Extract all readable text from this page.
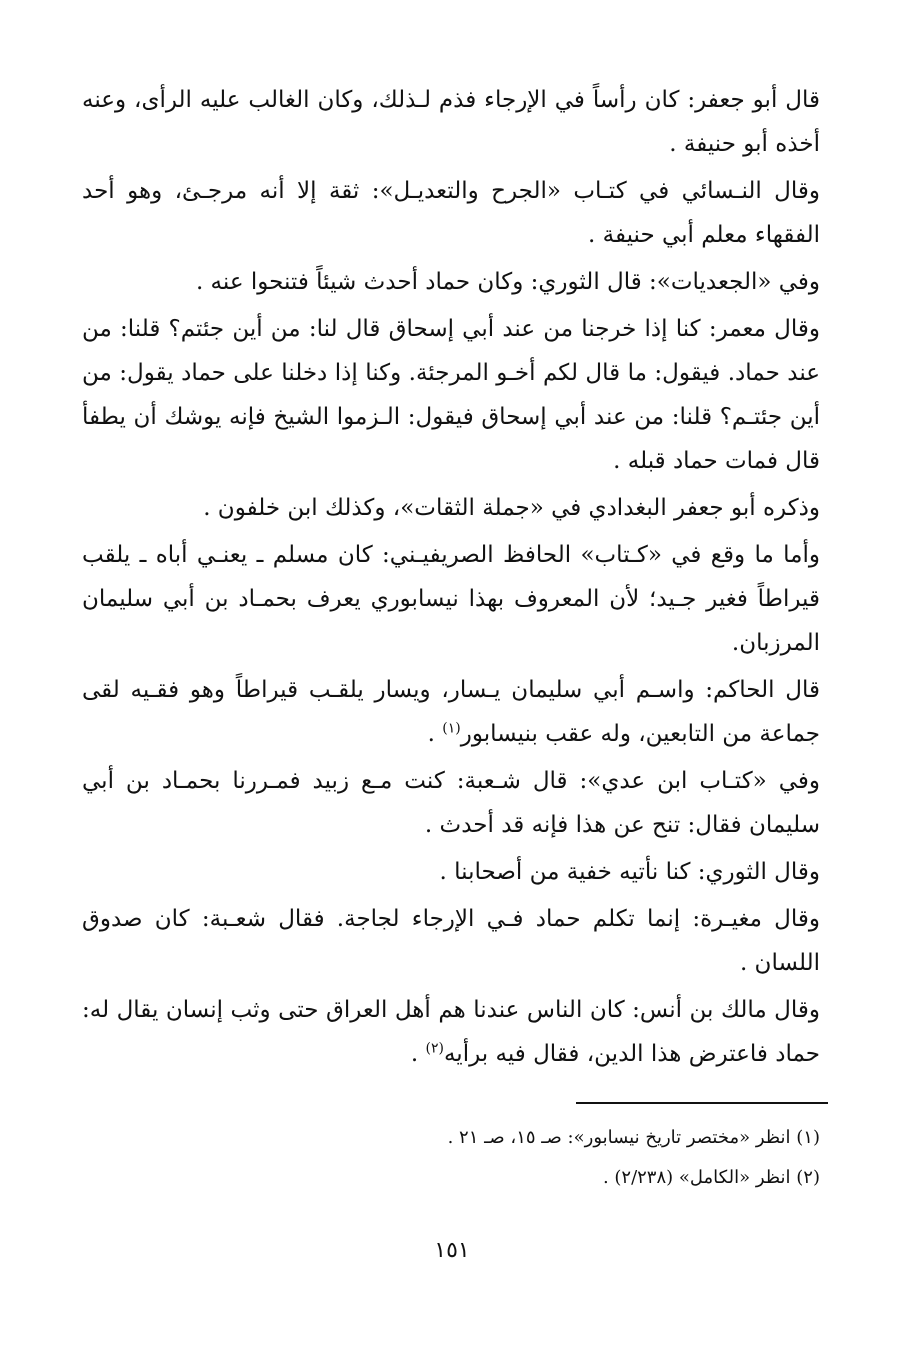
قال أبو جعفر: كان رأساً في الإرجاء فذم لـذلك، وكان الغالب عليه الرأى، وعنه أخذه أبو حنيفة .

وقال النـسائي في كتـاب «الجرح والتعديـل»: ثقة إلا أنه مرجـئ، وهو أحد الفقهاء معلم أبي حنيفة .

وفي «الجعديات»: قال الثوري: وكان حماد أحدث شيئاً فتنحوا عنه .

وقال معمر: كنا إذا خرجنا من عند أبي إسحاق قال لنا: من أين جئتم؟ قلنا: من عند حماد. فيقول: ما قال لكم أخـو المرجئة. وكنا إذا دخلنا على حماد يقول: من أين جئتـم؟ قلنا: من عند أبي إسحاق فيقول: الـزموا الشيخ فإنه يوشك أن يطفأ قال فمات حماد قبله .

وذكره أبو جعفر البغدادي في «جملة الثقات»، وكذلك ابن خلفون .

وأما ما وقع في «كـتاب» الحافظ الصريفيـني: كان مسلم ـ يعنـي أباه ـ يلقب قيراطاً فغير جـيد؛ لأن المعروف بهذا نيسابوري يعرف بحمـاد بن أبي سليمان المرزبان.

قال الحاكم: واسـم أبي سليمان يـسار، ويسار يلقـب قيراطاً وهو فقـيه لقى جماعة من التابعين، وله عقب بنيسابور$^{(١)}$ .

وفي «كتـاب ابن عدي»: قال شـعبة: كنت مـع زبيد فمـررنا بحمـاد بن أبي سليمان فقال: تنح عن هذا فإنه قد أحدث .

وقال الثوري: كنا نأتيه خفية من أصحابنا .

وقال مغيـرة: إنما تكلم حماد فـي الإرجاء لجاجة. فقال شعـبة: كان صدوق اللسان .

وقال مالك بن أنس: كان الناس عندنا هم أهل العراق حتى وثب إنسان يقال له: حماد فاعترض هذا الدين، فقال فيه برأيه$^{(٢)}$ .

(١) انظر «مختصر تاريخ نيسابور»: صـ ١٥، صـ ٢١ .

(٢) انظر «الكامل» (٢/٢٣٨) .

١٥١
